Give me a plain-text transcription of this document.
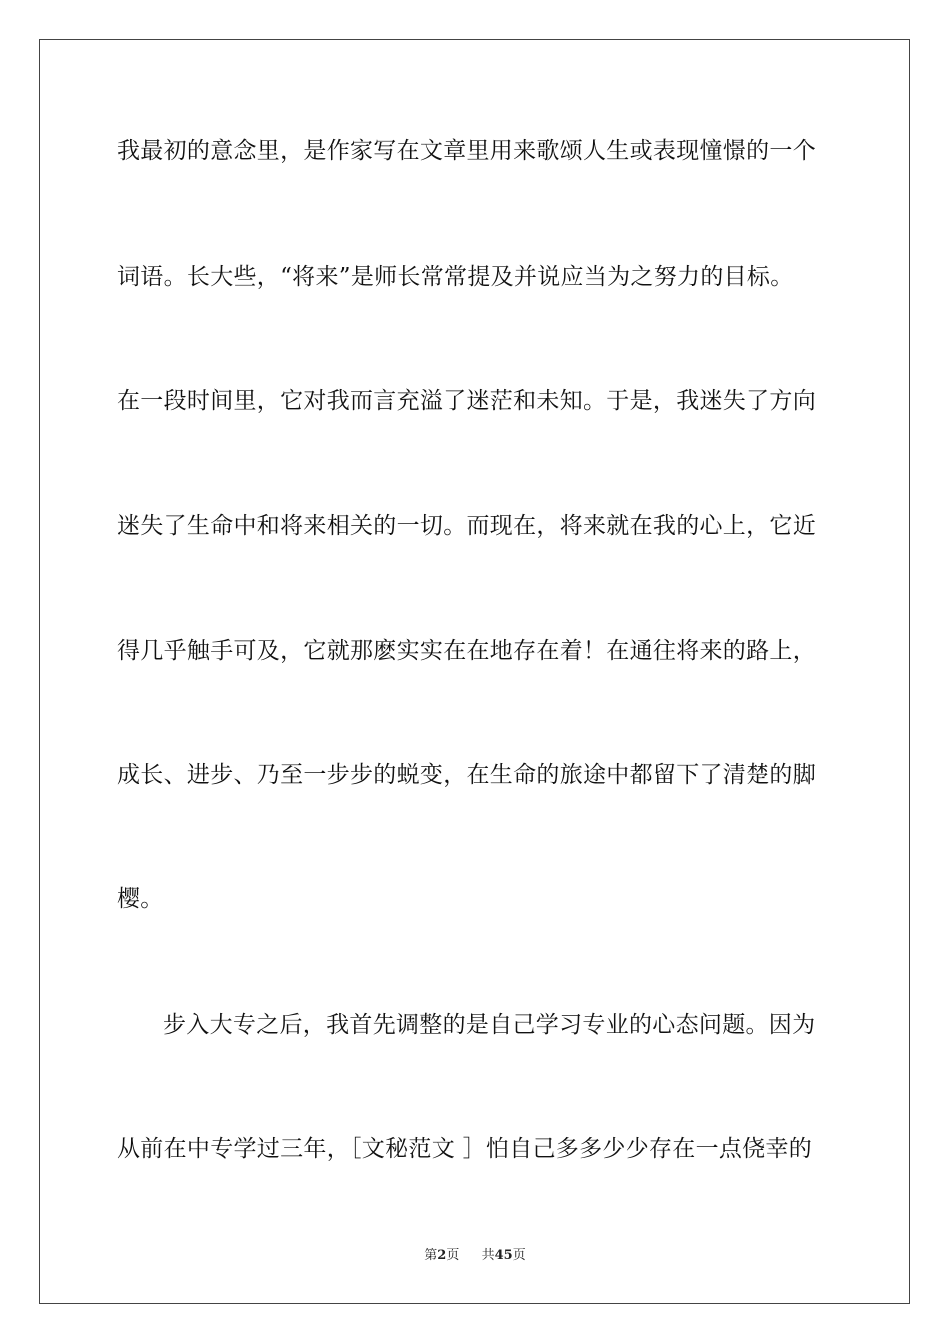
我最初的意念里，是作家写在文章里用来歌颂人生或表现憧憬的一个
词语。长大些，“将来”是师长常常提及并说应当为之努力的目标。
在一段时间里，它对我而言充溢了迷茫和未知。于是，我迷失了方向
迷失了生命中和将来相关的一切。而现在，将来就在我的心上，它近
得几乎触手可及，它就那麽实实在在地存在着！在通往将来的路上，
成长、进步、乃至一步步的蜕变，在生命的旅途中都留下了清楚的脚
樱。
步入大专之后，我首先调整的是自己学习专业的心态问题。因为
从前在中专学过三年，［文秘范文 ］怕自己多多少少存在一点侥幸的
第2页 共45页
